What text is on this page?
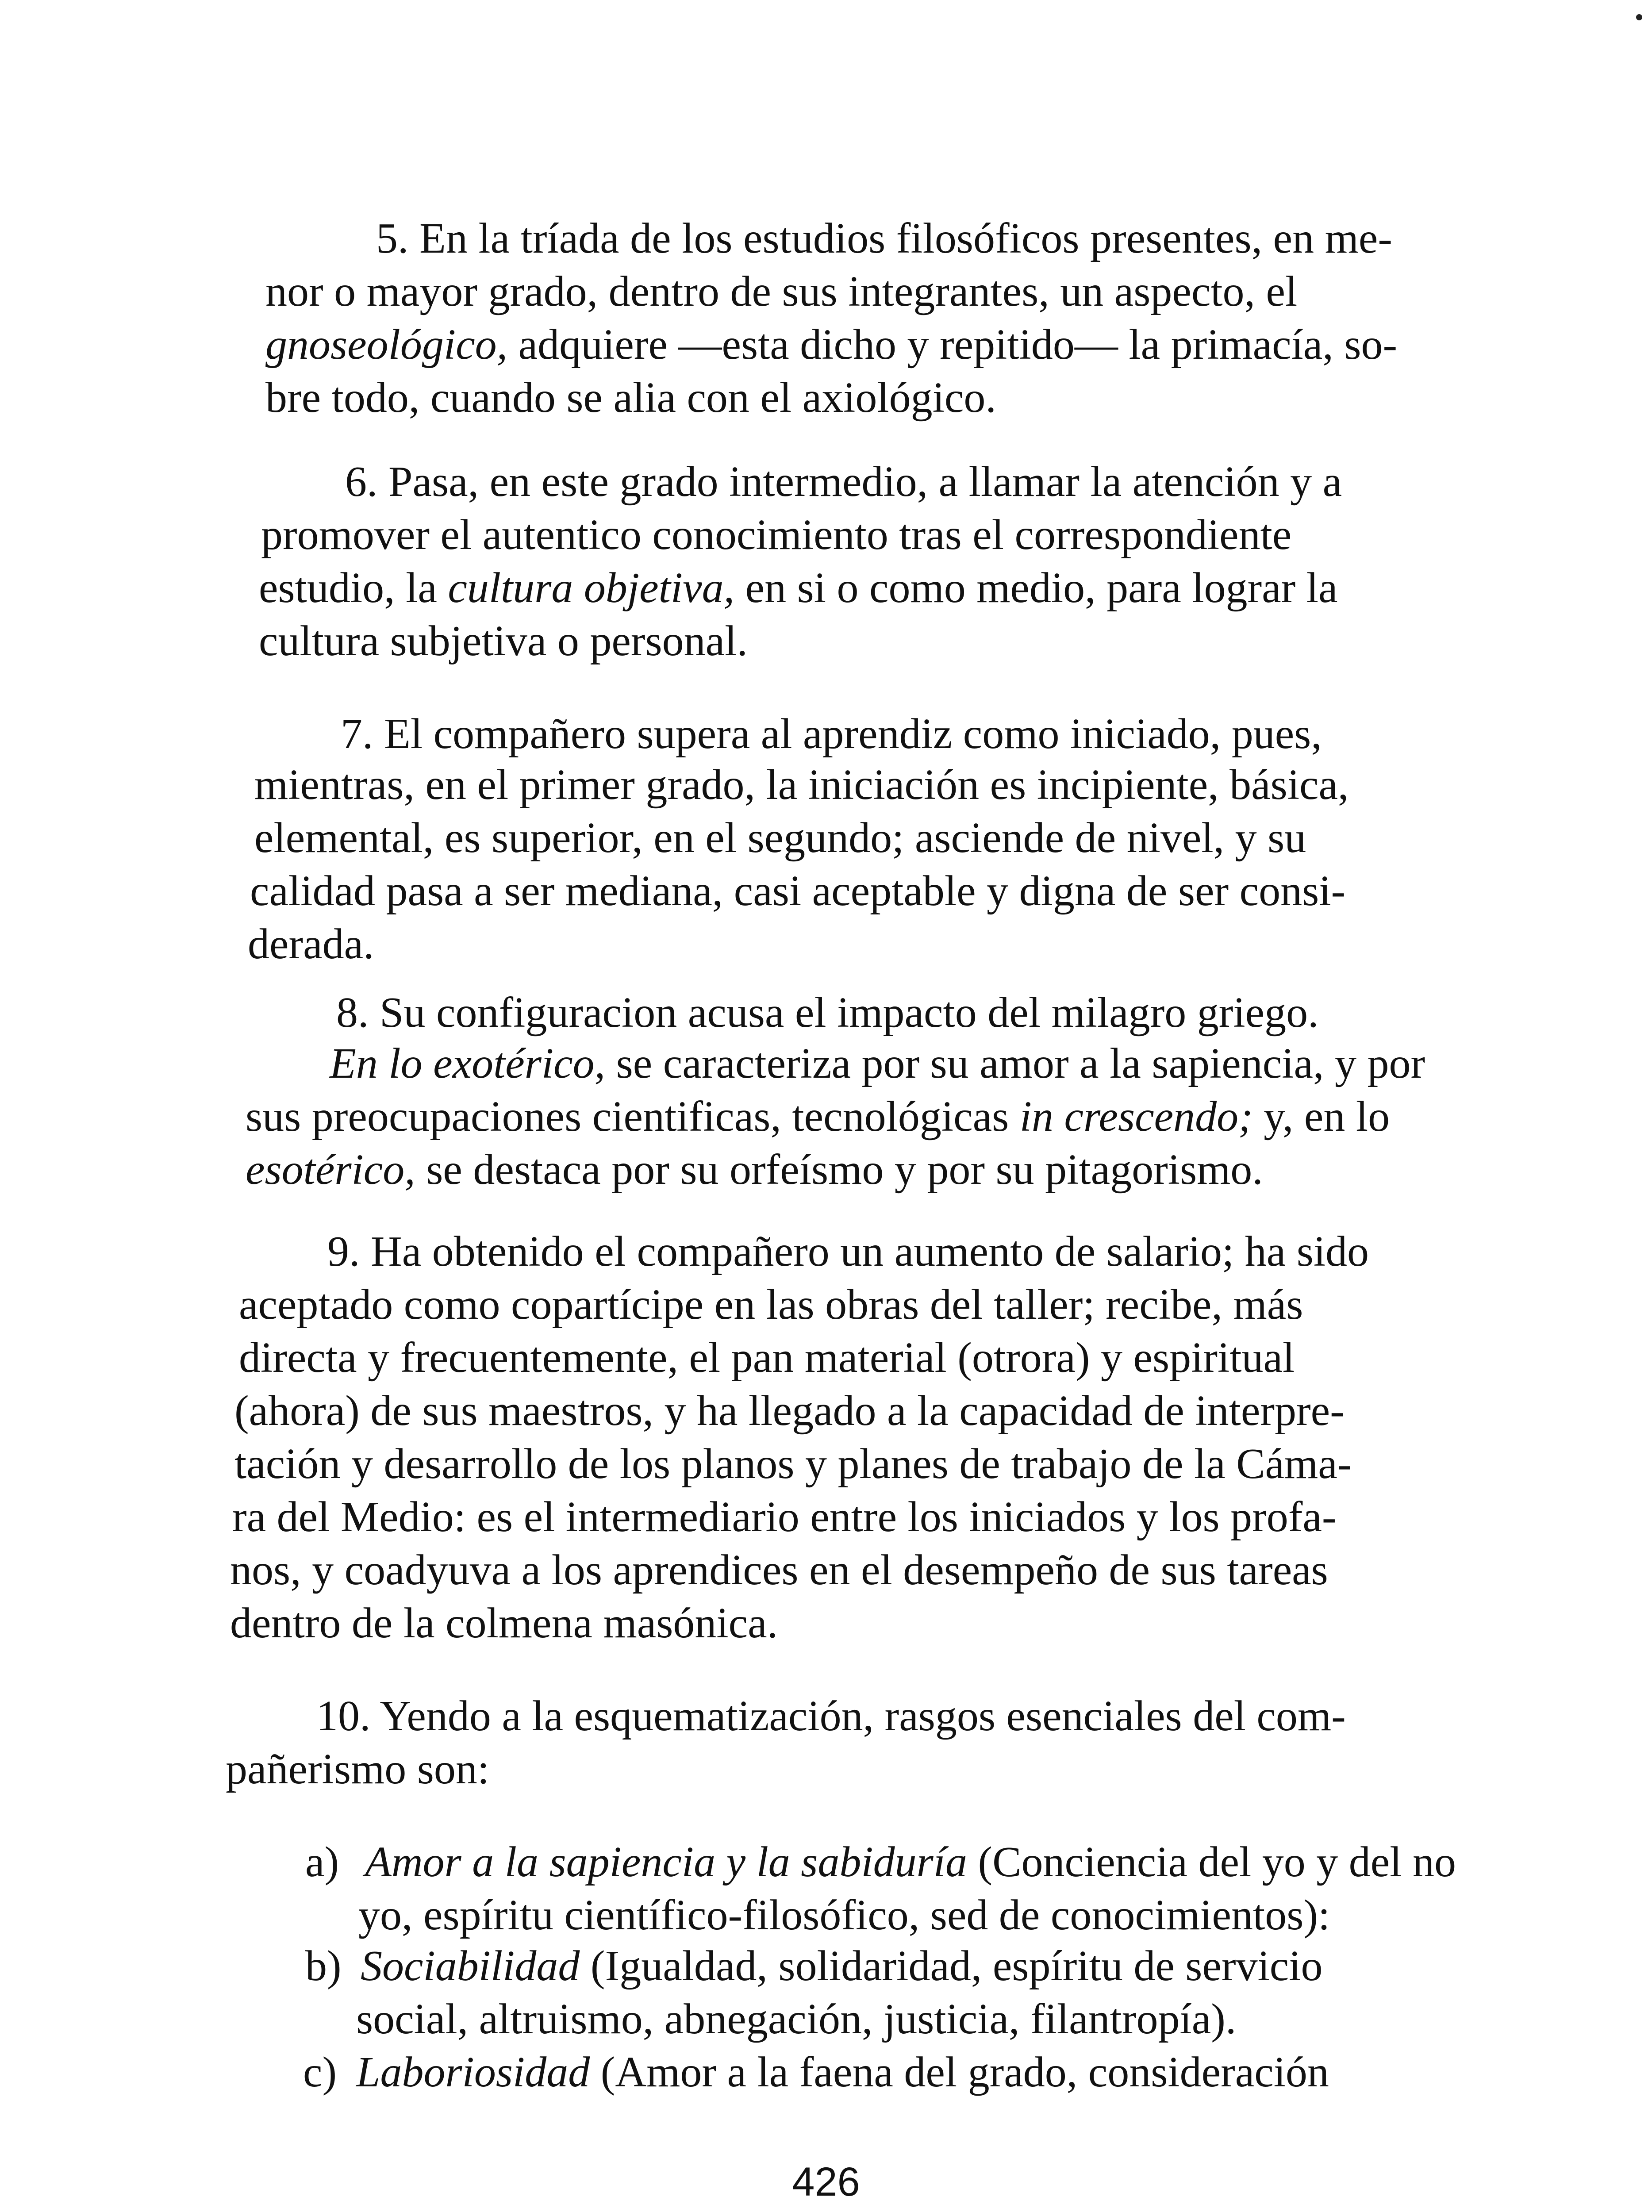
5. En la tríada de los estudios filosóficos presentes, en me-
nor o mayor grado, dentro de sus integrantes, un aspecto, el
gnoseológico, adquiere —esta dicho y repitido— la primacía, so-
bre todo, cuando se alia con el axiológico.
6. Pasa, en este grado intermedio, a llamar la atención y a
promover el autentico conocimiento tras el correspondiente
estudio, la cultura objetiva, en si o como medio, para lograr la
cultura subjetiva o personal.
7. El compañero supera al aprendiz como iniciado, pues,
mientras, en el primer grado, la iniciación es incipiente, básica,
elemental, es superior, en el segundo; asciende de nivel, y su
calidad pasa a ser mediana, casi aceptable y digna de ser consi-
derada.
8. Su configuracion acusa el impacto del milagro griego.
En lo exotérico, se caracteriza por su amor a la sapiencia, y por
sus preocupaciones cientificas, tecnológicas in crescendo; y, en lo
esotérico, se destaca por su orfeísmo y por su pitagorismo.
9. Ha obtenido el compañero un aumento de salario; ha sido
aceptado como copartícipe en las obras del taller; recibe, más
directa y frecuentemente, el pan material (otrora) y espiritual
(ahora) de sus maestros, y ha llegado a la capacidad de interpre-
tación y desarrollo de los planos y planes de trabajo de la Cáma-
ra del Medio: es el intermediario entre los iniciados y los profa-
nos, y coadyuva a los aprendices en el desempeño de sus tareas
dentro de la colmena masónica.
10. Yendo a la esquematización, rasgos esenciales del com-
pañerismo son:
a) Amor a la sapiencia y la sabiduría (Conciencia del yo y del no
yo, espíritu científico-filosófico, sed de conocimientos):
b) Sociabilidad (Igualdad, solidaridad, espíritu de servicio
social, altruismo, abnegación, justicia, filantropía).
c) Laboriosidad (Amor a la faena del grado, consideración
426
